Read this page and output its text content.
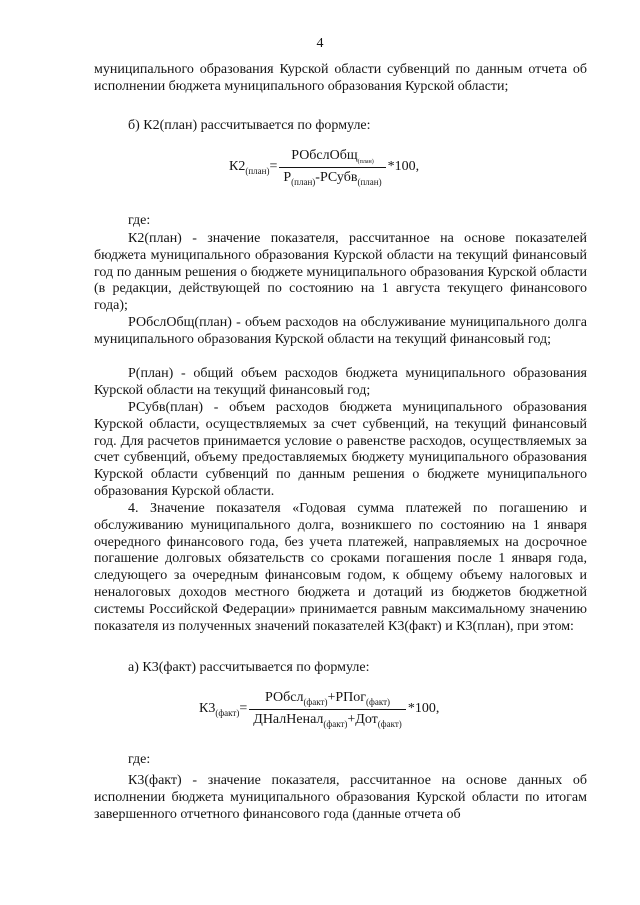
4

муниципального образования Курской области субвенций по данным отчета об исполнении бюджета муниципального образования Курской области;

б) К2(план) рассчитывается по формуле:

$К2_{(план)} = \frac{РОбслОбщ_{(план)}}{Р_{(план)}-РСубв_{(план)}} *100$,

где:

К2(план) - значение показателя, рассчитанное на основе показателей бюджета муниципального образования Курской области на текущий финансовый год по данным решения о бюджете муниципального образования Курской области (в редакции, действующей по состоянию на 1 августа текущего финансового года);

РОбслОбщ(план) - объем расходов на обслуживание муниципального долга муниципального образования Курской области на текущий финансовый год;

Р(план) - общий объем расходов бюджета муниципального образования Курской области на текущий финансовый год;

РСубв(план) - объем расходов бюджета муниципального образования Курской области, осуществляемых за счет субвенций, на текущий финансовый год. Для расчетов принимается условие о равенстве расходов, осуществляемых за счет субвенций, объему предоставляемых бюджету муниципального образования Курской области субвенций по данным решения о бюджете муниципального образования Курской области.

4. Значение показателя «Годовая сумма платежей по погашению и обслуживанию муниципального долга, возникшего по состоянию на 1 января очередного финансового года, без учета платежей, направляемых на досрочное погашение долговых обязательств со сроками погашения после 1 января года, следующего за очередным финансовым годом, к общему объему налоговых и неналоговых доходов местного бюджета и дотаций из бюджетов бюджетной системы Российской Федерации» принимается равным максимальному значению показателя из полученных значений показателей К3(факт) и К3(план), при этом:

а) К3(факт) рассчитывается по формуле:

$К3_{(факт)} = \frac{РОбсл_{(факт)}+РПог_{(факт)}}{ДНалНенал_{(факт)}+Дот_{(факт)}} *100$,

где:

К3(факт) - значение показателя, рассчитанное на основе данных об исполнении бюджета муниципального образования Курской области по итогам завершенного отчетного финансового года (данные отчета об
